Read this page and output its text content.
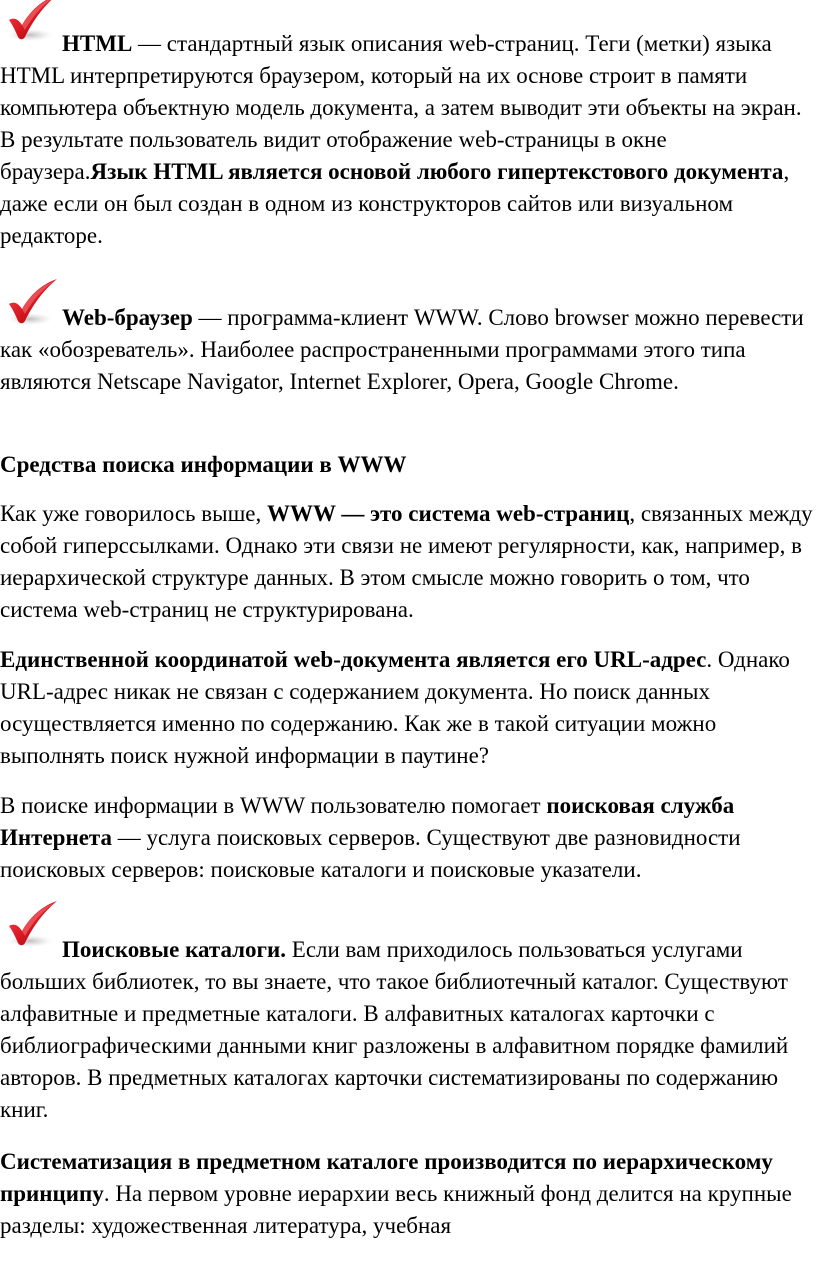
HTML — стандартный язык описания web-страниц. Теги (метки) языка HTML интерпретируются браузером, который на их основе строит в памяти компьютера объектную модель документа, а затем выводит эти объекты на экран. В результате пользователь видит отображение web-страницы в окне браузера.Язык HTML является основой любого гипертекстового документа, даже если он был создан в одном из конструкторов сайтов или визуальном редакторе.

Web-браузер — программа-клиент WWW. Слово browser можно перевести как «обозреватель». Наиболее распространенными программами этого типа являются Netscape Navigator, Internet Explorer, Opera, Google Chrome.

Средства поиска информации в WWW

Как уже говорилось выше, WWW — это система web-страниц, связанных между собой гиперссылками. Однако эти связи не имеют регулярности, как, например, в иерархической структуре данных. В этом смысле можно говорить о том, что система web-страниц не структурирована.

Единственной координатой web-документа является его URL-адрес. Однако URL-адрес никак не связан с содержанием документа. Но поиск данных осуществляется именно по содержанию. Как же в такой ситуации можно выполнять поиск нужной информации в паутине?

В поиске информации в WWW пользователю помогает поисковая служба Интернета — услуга поисковых серверов. Существуют две разновидности поисковых серверов: поисковые каталоги и поисковые указатели.

Поисковые каталоги. Если вам приходилось пользоваться услугами больших библиотек, то вы знаете, что такое библиотечный каталог. Существуют алфавитные и предметные каталоги. В алфавитных каталогах карточки с библиографическими данными книг разложены в алфавитном порядке фамилий авторов. В предметных каталогах карточки систематизированы по содержанию книг.

Систематизация в предметном каталоге производится по иерархическому принципу. На первом уровне иерархии весь книжный фонд делится на крупные разделы: художественная литература, учебная
